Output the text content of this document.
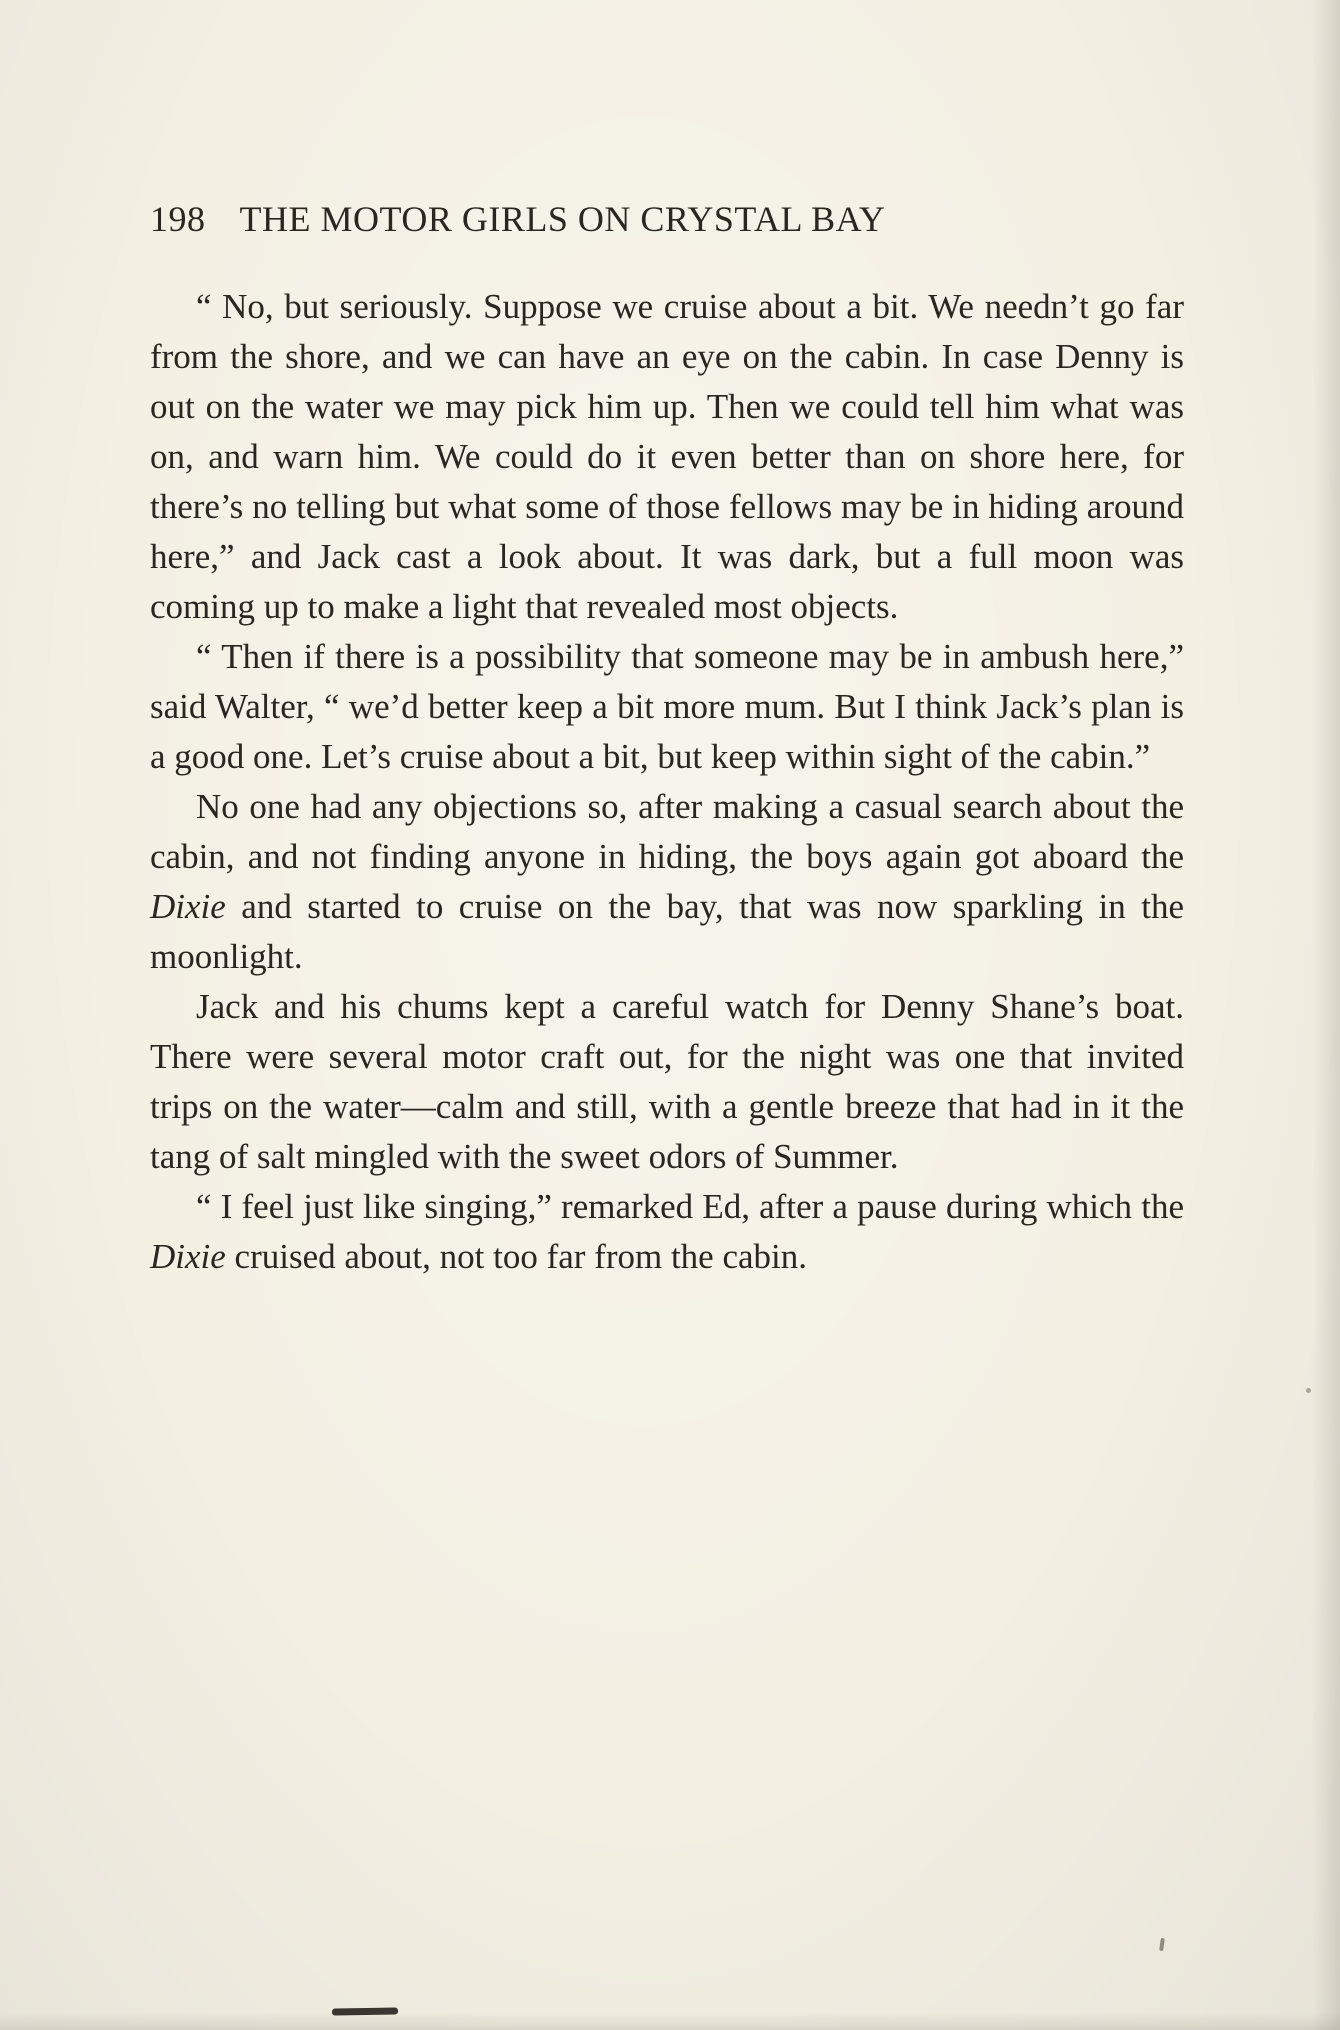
198 THE MOTOR GIRLS ON CRYSTAL BAY

“ No, but seriously. Suppose we cruise about a bit. We needn’t go far from the shore, and we can have an eye on the cabin. In case Denny is out on the water we may pick him up. Then we could tell him what was on, and warn him. We could do it even better than on shore here, for there’s no telling but what some of those fellows may be in hiding around here,” and Jack cast a look about. It was dark, but a full moon was coming up to make a light that revealed most objects.

“ Then if there is a possibility that someone may be in ambush here,” said Walter, “ we’d better keep a bit more mum. But I think Jack’s plan is a good one. Let’s cruise about a bit, but keep within sight of the cabin.”

No one had any objections so, after making a casual search about the cabin, and not finding anyone in hiding, the boys again got aboard the Dixie and started to cruise on the bay, that was now sparkling in the moonlight.

Jack and his chums kept a careful watch for Denny Shane’s boat. There were several motor craft out, for the night was one that invited trips on the water—calm and still, with a gentle breeze that had in it the tang of salt mingled with the sweet odors of Summer.

“ I feel just like singing,” remarked Ed, after a pause during which the Dixie cruised about, not too far from the cabin.
